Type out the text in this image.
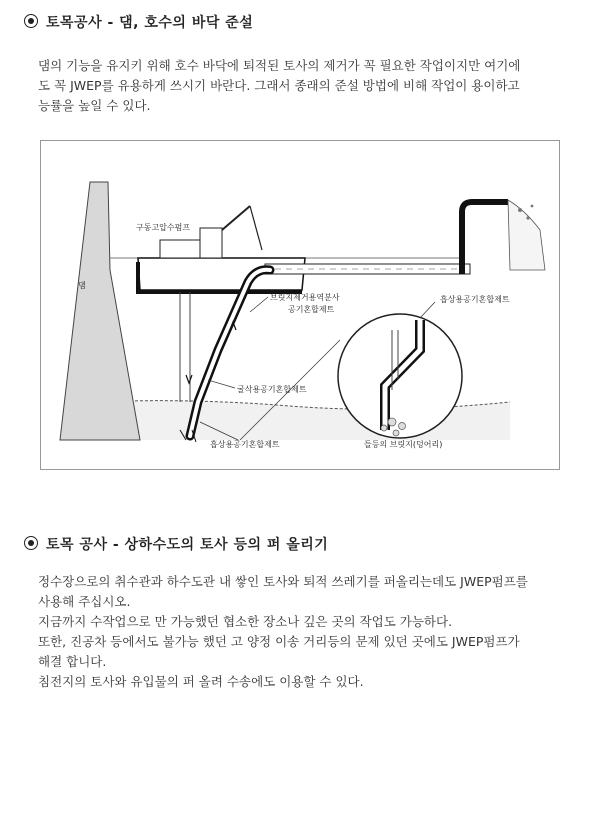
토목공사 - 댐, 호수의 바닥 준설

댐의 기능을 유지키 위해 호수 바닥에 퇴적된 토사의 제거가 꼭 필요한 작업이지만 여기에

도 꼭 JWEP를 유용하게 쓰시기 바란다. 그래서 종래의 준설 방법에 비해 작업이 용이하고

능률을 높일 수 있다.

댐
구동고압수펌프
브릿지제거용역분사
공기혼합제트
흡상용공기혼합제트
굴삭용공기혼합제트
흡상용공기혼합제트	들등의 브릿지(덩어리)
토목 공사 - 상하수도의 토사 등의 퍼 올리기

정수장으로의 취수관과 하수도관 내 쌓인 토사와 퇴적 쓰레기를 퍼올리는데도 JWEP펌프를

사용해 주십시오.

지금까지 수작업으로 만 가능했던 협소한 장소나 깊은 곳의 작업도 가능하다.

또한, 진공차 등에서도 불가능 했던 고 양정 이송 거리등의 문제 있던 곳에도 JWEP펌프가

해결 합니다.

침전지의 토사와 유입물의 퍼 올려 수송에도 이용할 수 있다.
